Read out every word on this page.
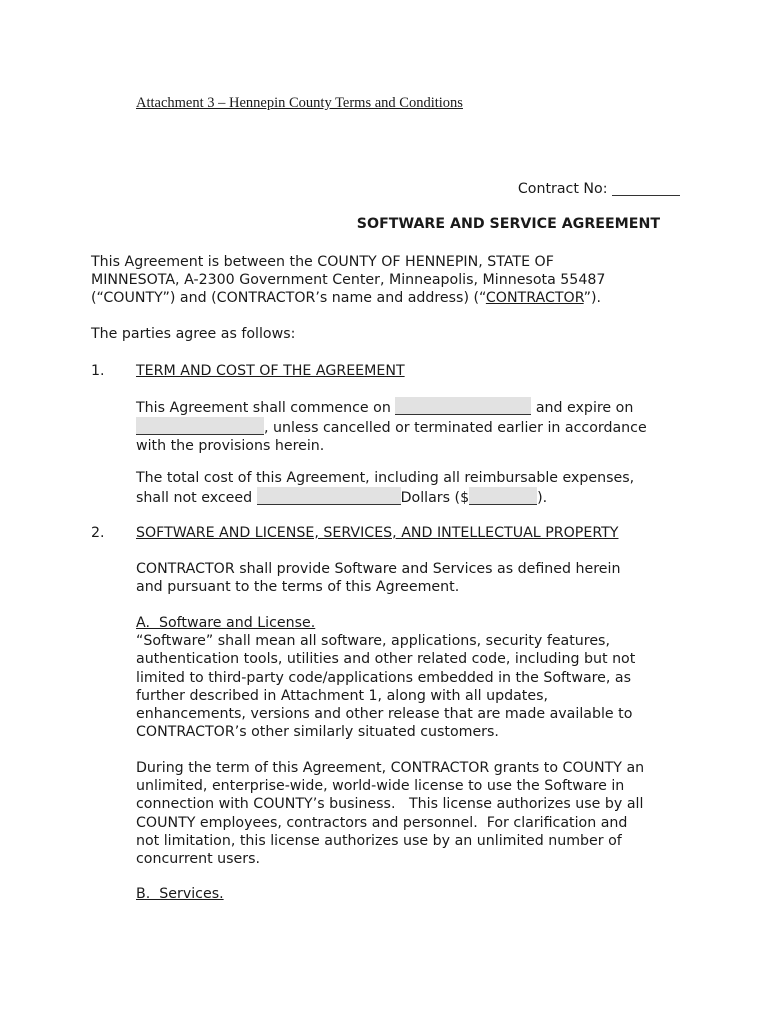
Attachment 3 – Hennepin County Terms and Conditions
Contract No:
SOFTWARE AND SERVICE AGREEMENT
This Agreement is between the COUNTY OF HENNEPIN, STATE OF
MINNESOTA, A-2300 Government Center, Minneapolis, Minnesota 55487
(“COUNTY”) and (CONTRACTOR’s name and address) (“CONTRACTOR”).
The parties agree as follows:
1. TERM AND COST OF THE AGREEMENT
This Agreement shall commence on	and expire on
, unless cancelled or terminated earlier in accordance
with the provisions herein.
The total cost of this Agreement, including all reimbursable expenses,
shall not exceed	Dollars ($	).
2. SOFTWARE AND LICENSE, SERVICES, AND INTELLECTUAL PROPERTY
CONTRACTOR shall provide Software and Services as defined herein
and pursuant to the terms of this Agreement.
A.  Software and License.
“Software” shall mean all software, applications, security features,
authentication tools, utilities and other related code, including but not
limited to third-party code/applications embedded in the Software, as
further described in Attachment 1, along with all updates,
enhancements, versions and other release that are made available to
CONTRACTOR’s other similarly situated customers.
During the term of this Agreement, CONTRACTOR grants to COUNTY an
unlimited, enterprise-wide, world-wide license to use the Software in
connection with COUNTY’s business.   This license authorizes use by all
COUNTY employees, contractors and personnel.  For clarification and
not limitation, this license authorizes use by an unlimited number of
concurrent users.
B.  Services.
